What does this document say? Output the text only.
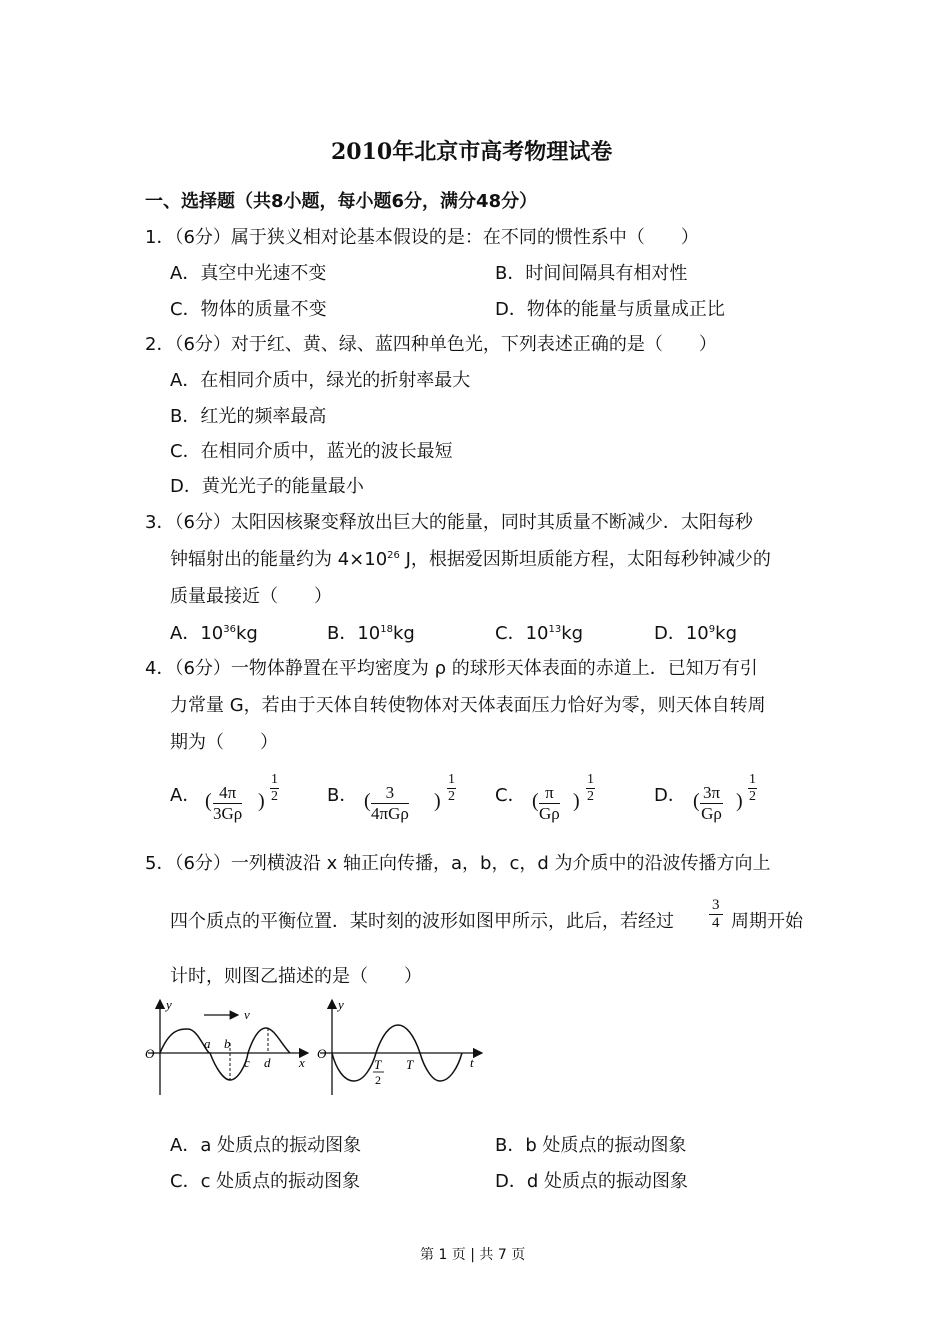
2010年北京市高考物理试卷
一、选择题（共8小题，每小题6分，满分48分）
1．（6分）属于狭义相对论基本假设的是：在不同的惯性系中（　　）
A．真空中光速不变	B．时间间隔具有相对性
C．物体的质量不变	D．物体的能量与质量成正比
2．（6分）对于红、黄、绿、蓝四种单色光，下列表述正确的是（　　）
A．在相同介质中，绿光的折射率最大
B．红光的频率最高
C．在相同介质中，蓝光的波长最短
D．黄光光子的能量最小
3．（6分）太阳因核聚变释放出巨大的能量，同时其质量不断减少．太阳每秒
钟辐射出的能量约为 $4\times 10^{26}$ J，根据爱因斯坦质能方程，太阳每秒钟减少的
质量最接近（　　）
A．$10^{36}kg$	B．$10^{18}kg$	C．$10^{13}kg$	D．$10^9kg$
4．（6分）一物体静置在平均密度为 ρ 的球形天体表面的赤道上．已知万有引
力常量 G，若由于天体自转使物体对天体表面压力恰好为零，则天体自转周
期为（　　）
A． ( $\frac{4\pi}{3G\rho}$ ) $\frac{1}{2}$	B． ( 3
4πGρ
) $\frac{1}{2}$ C． ( $\frac{\pi}{G\rho}$ ) $\frac{1}{2}$	D． ( $\frac{3\pi}{G\rho}$ ) $\frac{1}{2}$
5．（6分）一列横波沿 x 轴正向传播，a，b，c，d 为介质中的沿波传播方向上
四个质点的平衡位置．某时刻的波形如图甲所示，此后，若经过 $\frac{3}{4}$ 周期开始
计时，则图乙描述的是（　　）
y
O
v
a b
c d x
y
O
T
2
T	t
A．a 处质点的振动图象	B．b 处质点的振动图象
C．c 处质点的振动图象	D．d 处质点的振动图象
第 1 页 | 共 7 页
